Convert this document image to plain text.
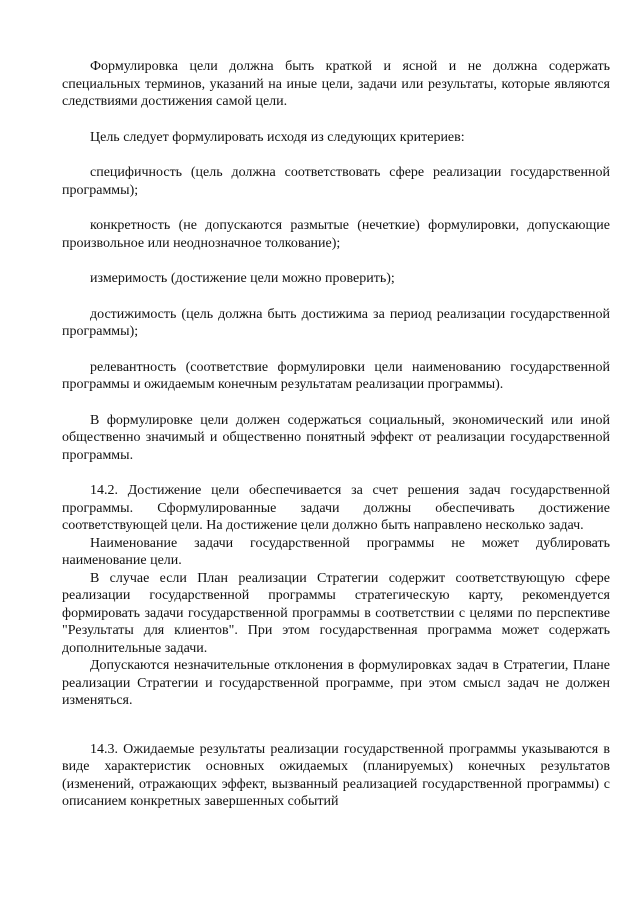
Формулировка цели должна быть краткой и ясной и не должна содержать специальных терминов, указаний на иные цели, задачи или результаты, которые являются следствиями достижения самой цели.

Цель следует формулировать исходя из следующих критериев:

специфичность (цель должна соответствовать сфере реализации государственной программы);

конкретность (не допускаются размытые (нечеткие) формулировки, допускающие произвольное или неоднозначное толкование);

измеримость (достижение цели можно проверить);

достижимость (цель должна быть достижима за период реализации государственной программы);

релевантность (соответствие формулировки цели наименованию государственной программы и ожидаемым конечным результатам реализации программы).

В формулировке цели должен содержаться социальный, экономический или иной общественно значимый и общественно понятный эффект от реализации государственной программы.

14.2. Достижение цели обеспечивается за счет решения задач государственной программы. Сформулированные задачи должны обеспечивать достижение соответствующей цели. На достижение цели должно быть направлено несколько задач.

Наименование задачи государственной программы не может дублировать наименование цели.

В случае если План реализации Стратегии содержит соответствующую сфере реализации государственной программы стратегическую карту, рекомендуется формировать задачи государственной программы в соответствии с целями по перспективе "Результаты для клиентов". При этом государственная программа может содержать дополнительные задачи.

Допускаются незначительные отклонения в формулировках задач в Стратегии, Плане реализации Стратегии и государственной программе, при этом смысл задач не должен изменяться.

14.3. Ожидаемые результаты реализации государственной программы указываются в виде характеристик основных ожидаемых (планируемых) конечных результатов (изменений, отражающих эффект, вызванный реализацией государственной программы) с описанием конкретных завершенных событий
